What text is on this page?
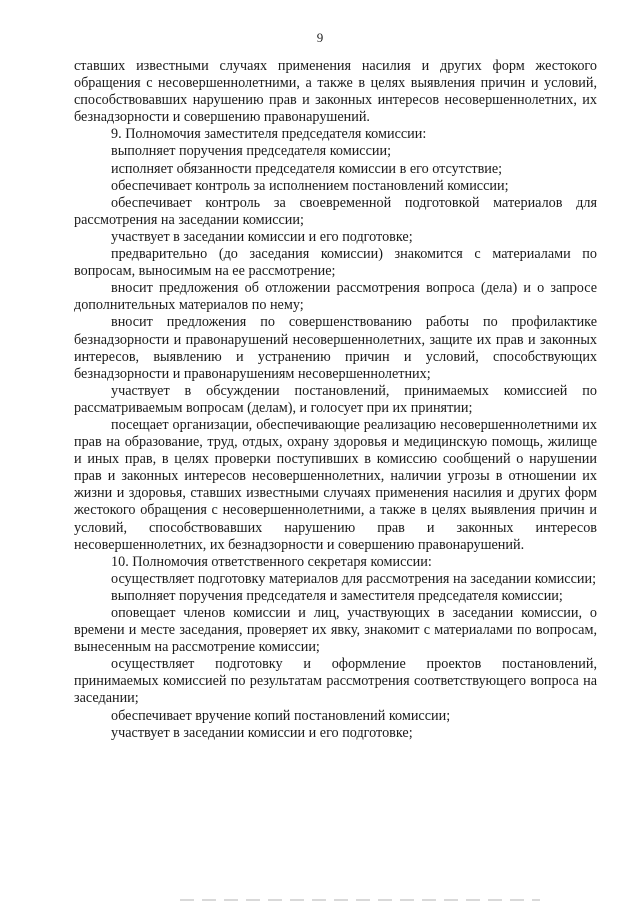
9

ставших известными случаях применения насилия и других форм жестокого обращения с несовершеннолетними, а также в целях выявления причин и условий, способствовавших нарушению прав и законных интересов несовершеннолетних, их безнадзорности и совершению правонарушений.

9. Полномочия заместителя председателя комиссии:

выполняет поручения председателя комиссии;

исполняет обязанности председателя комиссии в его отсутствие;

обеспечивает контроль за исполнением постановлений комиссии;

обеспечивает контроль за своевременной подготовкой материалов для рассмотрения на заседании комиссии;

участвует в заседании комиссии и его подготовке;

предварительно (до заседания комиссии) знакомится с материалами по вопросам, выносимым на ее рассмотрение;

вносит предложения об отложении рассмотрения вопроса (дела) и о запросе дополнительных материалов по нему;

вносит предложения по совершенствованию работы по профилактике безнадзорности и правонарушений несовершеннолетних, защите их прав и законных интересов, выявлению и устранению причин и условий, способствующих безнадзорности и правонарушениям несовершеннолетних;

участвует в обсуждении постановлений, принимаемых комиссией по рассматриваемым вопросам (делам), и голосует при их принятии;

посещает организации, обеспечивающие реализацию несовершеннолетними их прав на образование, труд, отдых, охрану здоровья и медицинскую помощь, жилище и иных прав, в целях проверки поступивших в комиссию сообщений о нарушении прав и законных интересов несовершеннолетних, наличии угрозы в отношении их жизни и здоровья, ставших известными случаях применения насилия и других форм жестокого обращения с несовершеннолетними, а также в целях выявления причин и условий, способствовавших нарушению прав и законных интересов несовершеннолетних, их безнадзорности и совершению правонарушений.

10. Полномочия ответственного секретаря комиссии:

осуществляет подготовку материалов для рассмотрения на заседании комиссии;

выполняет поручения председателя и заместителя председателя комиссии;

оповещает членов комиссии и лиц, участвующих в заседании комиссии, о времени и месте заседания, проверяет их явку, знакомит с материалами по вопросам, вынесенным на рассмотрение комиссии;

осуществляет подготовку и оформление проектов постановлений, принимаемых комиссией по результатам рассмотрения соответствующего вопроса на заседании;

обеспечивает вручение копий постановлений комиссии;

участвует в заседании комиссии и его подготовке;
